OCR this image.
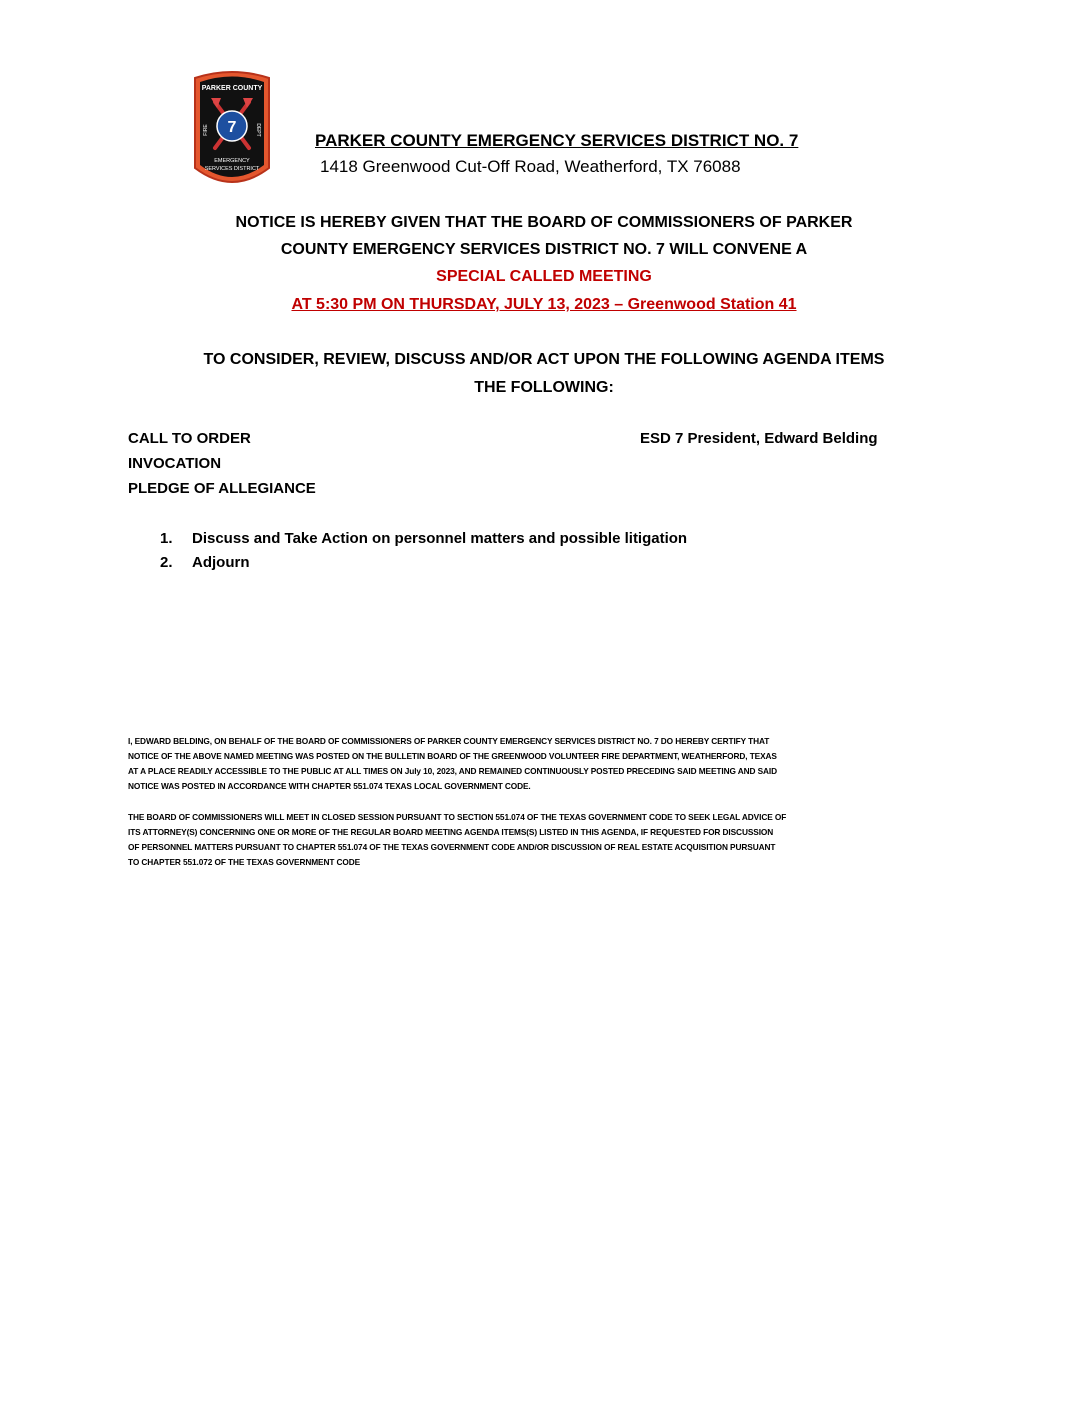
PARKER COUNTY
7
FIRE	DEPT
EMERGENCY
SERVICES DISTRICT
PARKER COUNTY EMERGENCY SERVICES DISTRICT NO. 7
1418 Greenwood Cut-Off Road, Weatherford, TX 76088
NOTICE IS HEREBY GIVEN THAT THE BOARD OF COMMISSIONERS OF PARKER
COUNTY EMERGENCY SERVICES DISTRICT NO. 7 WILL CONVENE A
SPECIAL CALLED MEETING
AT 5:30 PM ON THURSDAY, JULY 13, 2023 – Greenwood Station 41
TO CONSIDER, REVIEW, DISCUSS AND/OR ACT UPON THE FOLLOWING AGENDA ITEMS
THE FOLLOWING:
CALL TO ORDER	ESD 7 President, Edward Belding
INVOCATION
PLEDGE OF ALLEGIANCE
1. Discuss and Take Action on personnel matters and possible litigation
2. Adjourn
I, EDWARD BELDING, ON BEHALF OF THE BOARD OF COMMISSIONERS OF PARKER COUNTY EMERGENCY SERVICES DISTRICT NO. 7 DO HEREBY CERTIFY THAT
NOTICE OF THE ABOVE NAMED MEETING WAS POSTED ON THE BULLETIN BOARD OF THE GREENWOOD VOLUNTEER FIRE DEPARTMENT, WEATHERFORD, TEXAS
AT A PLACE READILY ACCESSIBLE TO THE PUBLIC AT ALL TIMES ON July 10, 2023, AND REMAINED CONTINUOUSLY POSTED PRECEDING SAID MEETING AND SAID
NOTICE WAS POSTED IN ACCORDANCE WITH CHAPTER 551.074 TEXAS LOCAL GOVERNMENT CODE.
THE BOARD OF COMMISSIONERS WILL MEET IN CLOSED SESSION PURSUANT TO SECTION 551.074 OF THE TEXAS GOVERNMENT CODE TO SEEK LEGAL ADVICE OF
ITS ATTORNEY(S) CONCERNING ONE OR MORE OF THE REGULAR BOARD MEETING AGENDA ITEMS(S) LISTED IN THIS AGENDA, IF REQUESTED FOR DISCUSSION
OF PERSONNEL MATTERS PURSUANT TO CHAPTER 551.074 OF THE TEXAS GOVERNMENT CODE AND/OR DISCUSSION OF REAL ESTATE ACQUISITION PURSUANT
TO CHAPTER 551.072 OF THE TEXAS GOVERNMENT CODE
